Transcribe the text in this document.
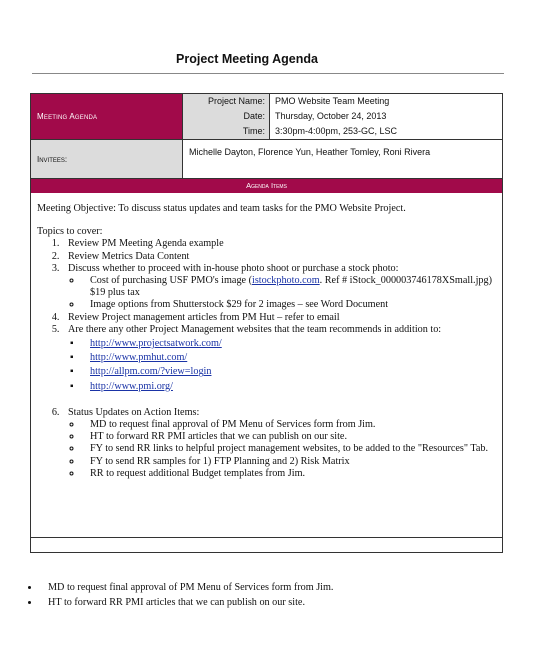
Project Meeting Agenda
Meeting Agenda
Project Name:
Date:
Time:
PMO Website Team Meeting
Thursday, October 24, 2013
3:30pm-4:00pm, 253-GC, LSC
Invitees:
Michelle Dayton, Florence Yun, Heather Tomley, Roni Rivera
Agenda Items

Meeting Objective: To discuss status updates and team tasks for the PMO Website Project.

Topics to cover:

1. Review PM Meeting Agenda example
2. Review Metrics Data Content
3. Discuss whether to proceed with in-house photo shoot or purchase a stock photo:
◦ Cost of purchasing USF PMO's image (istockphoto.com. Ref # iStock_000003746178XSmall.jpg) $19 plus tax
◦ Image options from Shutterstock $29 for 2 images – see Word Document
4. Review Project management articles from PM Hut – refer to email
5. Are there any other Project Management websites that the team recommends in addition to:
▪ http://www.projectsatwork.com/
▪ http://www.pmhut.com/
▪ http://allpm.com/?view=login
▪ http://www.pmi.org/
6. Status Updates on Action Items:
◦ MD to request final approval of PM Menu of Services form from Jim.
◦ HT to forward RR PMI articles that we can publish on our site.
◦ FY to send RR links to helpful project management websites, to be added to the "Resources" Tab.
◦ FY to send RR samples for 1) FTP Planning and 2) Risk Matrix
◦ RR to request additional Budget templates from Jim.
• MD to request final approval of PM Menu of Services form from Jim.
• HT to forward RR PMI articles that we can publish on our site.
